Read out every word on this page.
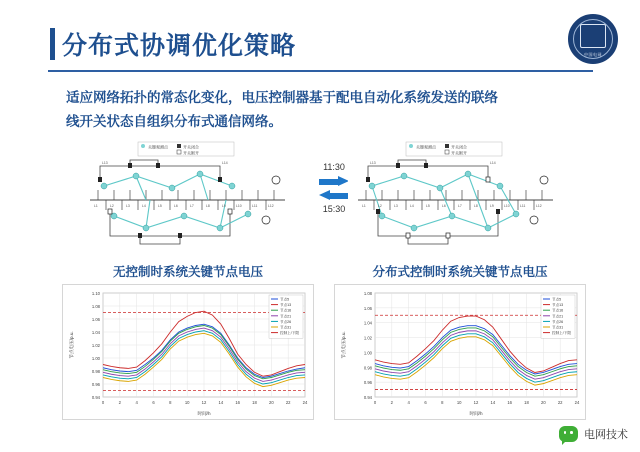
分布式协调优化策略	中国电网
适应网络拓扑的常态化变化，电压控制器基于配电自动化系统发送的联络
线开关状态自组织分布式通信网络。
关键观测点	开关闭合
开关断开
L1	L2	L3	L4	L5	L6	L7	L8	L9	L10	L11	L12
L13	L14	11:30
15:30
关键观测点	开关闭合
开关断开
L1	L2	L3	L4	L5	L6	L7	L8	L9	L10	L11	L12
L13	L14
无控制时系统关键节点电压	分布式控制时系统关键节点电压
0.94
0.96
0.98
1.00
1.02
1.04
1.06
1.08
1.10
0	2	4	6	8	10	12	14	16	18	20	22	24
时间/h
节点电压/p.u.
节点5
节点13
节点16
节点21
节点26
节点31
控制上/下限
0.94
0.96
0.98
1.00
1.02
1.04
1.06
1.08
0	2	4	6	8	10	12	14	16	18	20	22	24
时间/h
节点电压/p.u.
节点5
节点13
节点16
节点21
节点26
节点31
控制上/下限
电网技术
